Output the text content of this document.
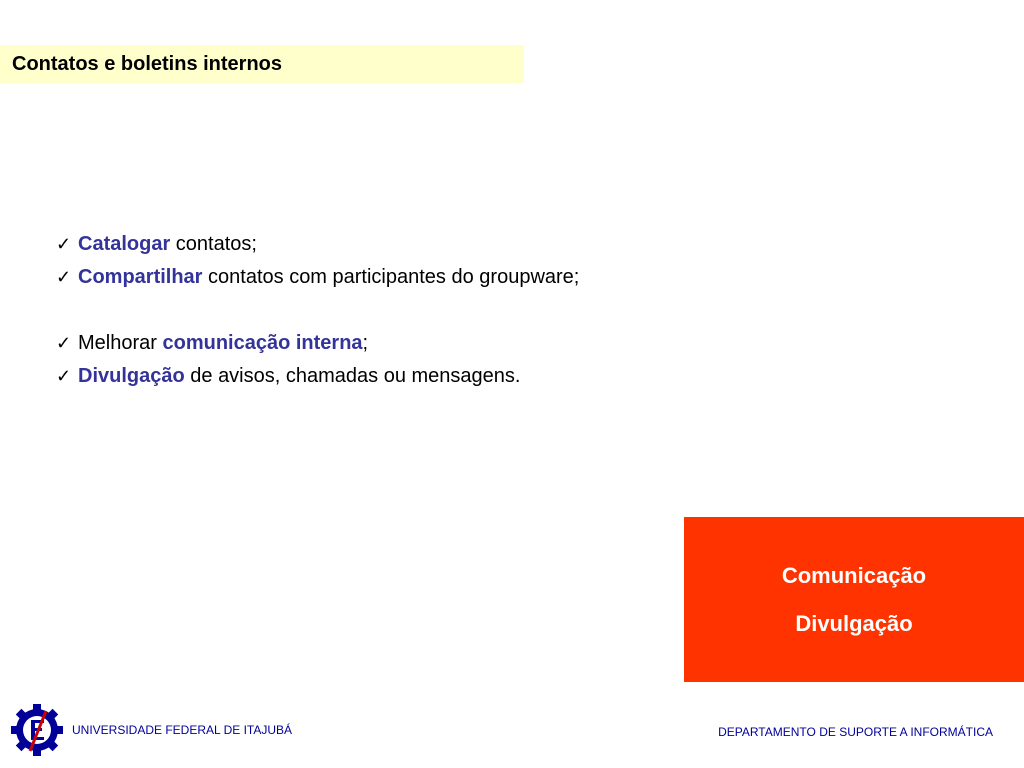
Contatos e boletins internos
✓ Catalogar contatos;
✓ Compartilhar contatos com participantes do groupware;
✓ Melhorar comunicação interna;
✓ Divulgação de avisos, chamadas ou mensagens.
Comunicação
Divulgação
UNIVERSIDADE FEDERAL DE ITAJUBÁ	DEPARTAMENTO DE SUPORTE A INFORMÁTICA
